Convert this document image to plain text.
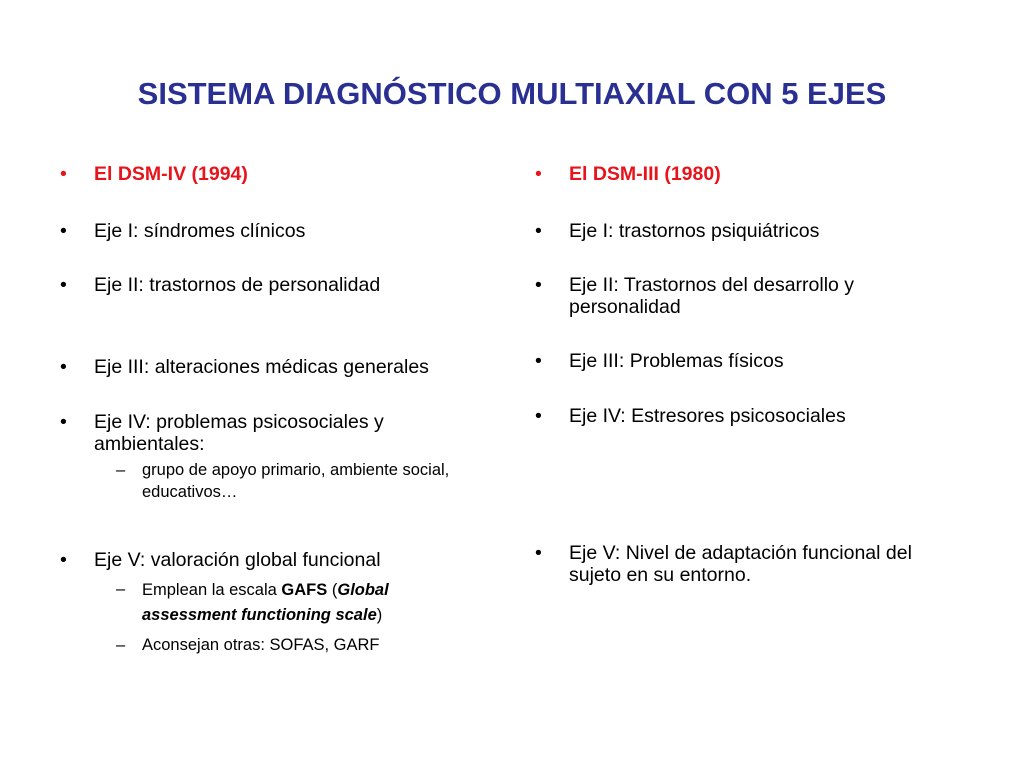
SISTEMA DIAGNÓSTICO MULTIAXIAL CON 5 EJES
• El DSM-IV (1994)
• Eje I: síndromes clínicos
• Eje II: trastornos de personalidad
• Eje III: alteraciones médicas generales
• Eje IV: problemas psicosociales y
ambientales:
– grupo de apoyo primario, ambiente social,
educativos…
• Eje V: valoración global funcional
– Emplean la escala GAFS (Global
assessment functioning scale)
– Aconsejan otras: SOFAS, GARF
• El DSM-III (1980)
• Eje I: trastornos psiquiátricos
• Eje II: Trastornos del desarrollo y
personalidad
• Eje III: Problemas físicos
• Eje IV: Estresores psicosociales
• Eje V: Nivel de adaptación funcional del
sujeto en su entorno.
